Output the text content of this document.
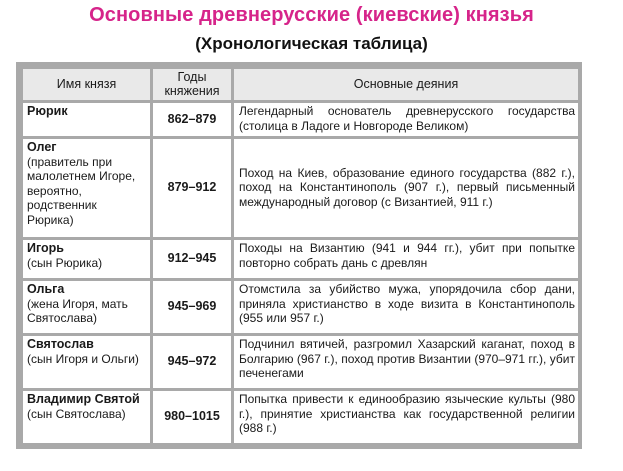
Основные древнерусские (киевские) князья
(Хронологическая таблица)
Имя князя	Годы княжения	Основные деяния

Рюрик	862–879	Легендарный основатель древнерусского государства (столица в Ладоге и Новгороде Великом)

Олег
(правитель при малолетнем Игоре, вероятно, родственник Рюрика)	879–912	Поход на Киев, образование единого государства (882 г.), поход на Константинополь (907 г.), первый письменный международный договор (с Византией, 911 г.)

Игорь
(сын Рюрика)	912–945	Походы на Византию (941 и 944 гг.), убит при попытке повторно собрать дань с древлян

Ольга
(жена Игоря, мать Святослава)	945–969	Отомстила за убийство мужа, упорядочила сбор дани, приняла христианство в ходе визита в Константинополь (955 или 957 г.)

Святослав
(сын Игоря и Ольги)	945–972	Подчинил вятичей, разгромил Хазарский каганат, поход в Болгарию (967 г.), поход против Византии (970–971 гг.), убит печенегами

Владимир Святой
(сын Святослава)	980–1015	Попытка привести к единообразию языческие культы (980 г.), принятие христианства как государственной религии (988 г.)
